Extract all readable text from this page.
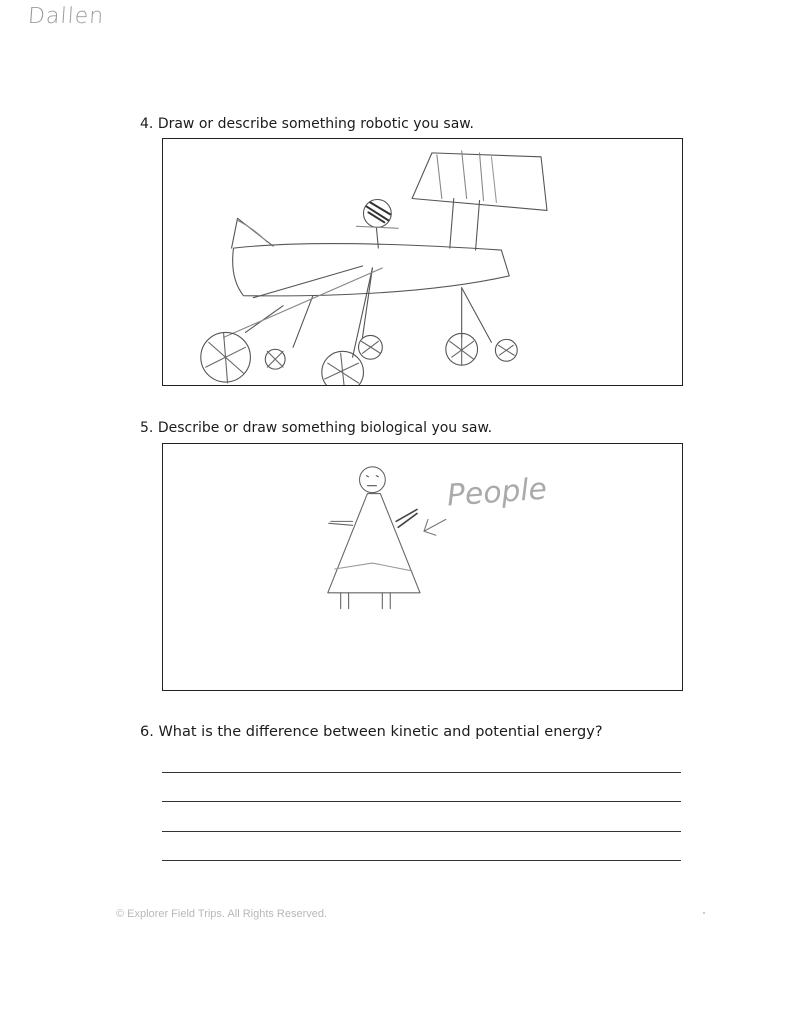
Dallen
4. Draw or describe something robotic you saw.
5. Describe or draw something biological you saw.
People
6. What is the difference between kinetic and potential energy?
© Explorer Field Trips. All Rights Reserved.
